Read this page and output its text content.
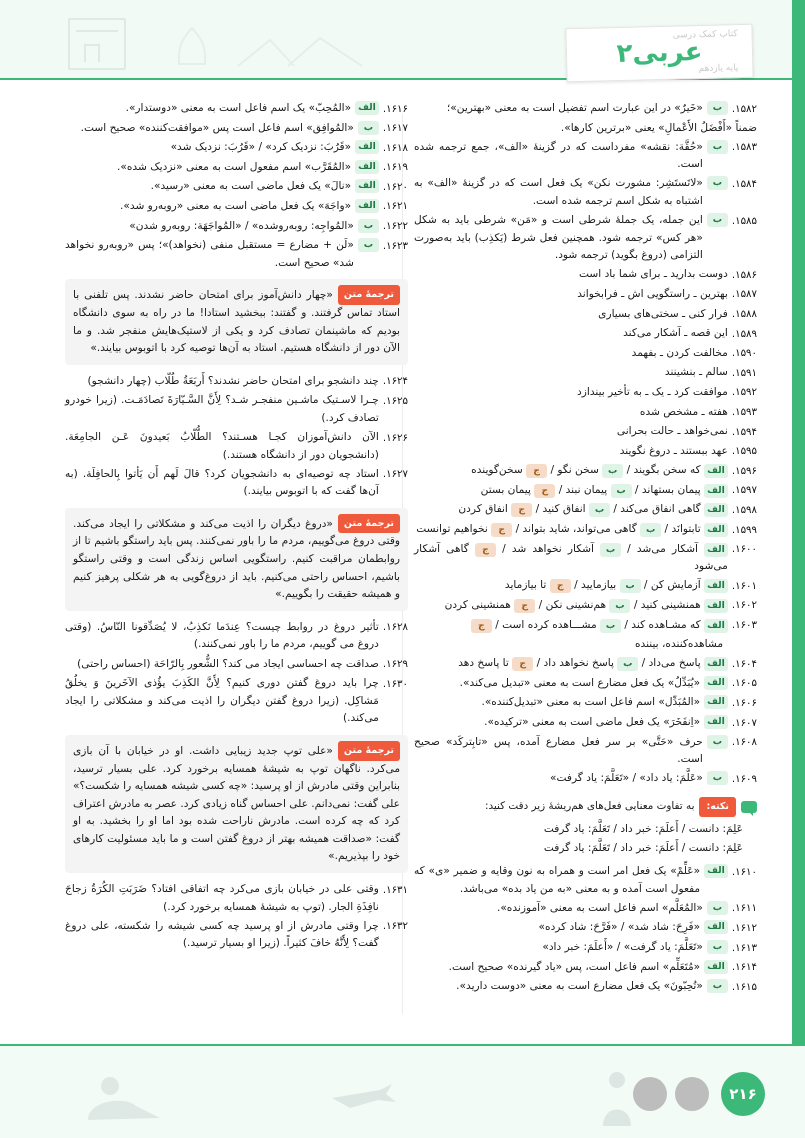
کتاب کمک درسی
عربی۲
پایه یازدهم
۱۵۸۲.
ب
«خَیرٌ» در این عبارت اسم تفضیل است به معنی «بهترین»؛
ضمناً «أَفْضَلُ الأَعْمالِ» یعنی «برترین کارها».
۱۵۸۳.
ب
«حُقَّة: نقشه» مفرداست که در گزینهٔ «الف»، جمع ترجمه شده است.
۱۵۸۴.
ب
«لاتَستَشِر: مشورت نکن» یک فعل است که در گزینهٔ «الف» به اشتباه به شکل اسم ترجمه شده است.
۱۵۸۵.
ب
این جمله، یک جملهٔ شرطی است و «مَن» شرطی باید به شکل «هر کس» ترجمه شود. همچنین فعل شرط (یَکذِب) باید به‌صورت التزامی (دروغ بگوید) ترجمه شود.
۱۵۸۶.
دوست بدارید ـ برای شما باد است
۱۵۸۷.
بهترین ـ راستگویی اش ـ فرابخواند
۱۵۸۸.
فرار کنی ـ سختی‌های بسیاری
۱۵۸۹.
این قصه ـ آشکار می‌کند
۱۵۹۰.
مخالفت کردن ـ بفهمد
۱۵۹۱.
سالم ـ بنشینند
۱۵۹۲.
موافقت کرد ـ یک ـ به تأخیر بیندازد
۱۵۹۳.
هفته ـ مشخص شده
۱۵۹۴.
نمی‌خواهد ـ حالت بحرانی
۱۵۹۵.
عهد ببستند ـ دروغ نگویند
۱۵۹۶.
الف که سخن بگویند / ب سخن نگو / ج سخن‌گوینده
۱۵۹۷.
الف پیمان بستهاند / ب پیمان نبند / ج پیمان بستن
۱۵۹۸.
الف گاهی انفاق می‌کند / ب انفاق کنید / ج انفاق کردن
۱۵۹۹.
الف تابتوانَد / ب گاهی می‌تواند، شاید بتواند / ج نخواهیم توانست
۱۶۰۰.
الف آشکار می‌شد / ب آشکار نخواهد شد / ج گاهی آشکار می‌شود
۱۶۰۱.
الف آزمایش کن / ب بیازمایید / ج تا بیازماید
۱۶۰۲.
الف همنشینی کنید / ب هم‌نشینی نکن / ج همنشینی کردن
۱۶۰۳.
الف که مشـاهده کند / ب مشـــاهده کرده است / ج
مشاهده‌کننده، بیننده
۱۶۰۴.
الف پاسخ می‌داد / ب پاسخ نخواهد داد / ج تا پاسخ دهد
۱۶۰۵.
الف
«یُبَدِّلُ» یک فعل مضارع است به معنی «تبدیل می‌کند».
۱۶۰۶.
الف
«المُبَدِّل» اسم فاعل است به معنی «تبدیل‌کننده».
۱۶۰۷.
الف
«اِنفَخَرَ» یک فعل ماضی است به معنی «ترکیده».
۱۶۰۸.
ب
حرف «حَتَّی» بر سر فعل مضارع آمده، پس «تابِترکَد» صحیح است.
۱۶۰۹.
ب
«عَلَّمَ: یاد داد» / «تَعَلَّمَ: یاد گرفت»
نکته:
به تفاوت معنایی فعل‌های هم‌ریشهٔ زیر دقت کنید:
عَلِمَ: دانست / أَعلَمَ: خبر داد / تَعَلَّمَ: یاد گرفت
عَلِمَ: دانست / أَعلَمَ: خبر داد / تَعَلَّمَ: یاد گرفت
۱۶۱۰.
الف
«عَلِّمْ» یک فعل امر است و همراه به نون وقایه و ضمیر «ی» که مفعول است آمده و به معنی «به من یاد بده» می‌باشد.
۱۶۱۱.
ب
«المُعَلَّم» اسم فاعل است به معنی «آموزنده».
۱۶۱۲.
الف
«فَرِحَ: شاد شد» / «فَرَّحَ: شاد کرده»
۱۶۱۳.
ب
«تَعَلَّمَ: یاد گرفت» / «أَعلَمَ: خبر داد»
۱۶۱۴.
الف
«مُتَعَلِّم» اسم فاعل است، پس «یاد گیرنده» صحیح است.
۱۶۱۵.
ب
«تُحِبّونَ» یک فعل مضارع است به معنی «دوست دارید».
۱۶۱۶.
الف
«المُحِبّ» یک اسم فاعل است به معنی «دوستدار».
۱۶۱۷.
ب
«المُوافِق» اسم فاعل است پس «موافقت‌کننده» صحیح است.
۱۶۱۸.
الف
«قَرُبَ: نزدیک کرد» / «قَرُبَ: نزدیک شد»
۱۶۱۹.
الف
«المُقَرَّب» اسم مفعول است به معنی «نزدیک شده».
۱۶۲۰.
الف
«نالَ» یک فعل ماضی است به معنی «رسید».
۱۶۲۱.
الف
«واجَهَ» یک فعل ماضی است به معنی «روبه‌رو شد».
۱۶۲۲.
ب
«المُواجِه: روبه‌روشده» / «المُواجَهَة: روبه‌رو شدن»
۱۶۲۳.
ب
«لَن + مضارع = مستقبل منفی (نخواهد)»؛ پس «روبه‌رو نخواهد شد» صحیح است.
ترجمهٔ متن«چهار دانش‌آموز برای امتحان حاضر نشدند. پس تلفنی با استاد تماس گرفتند. و گفتند: ببخشید استادا! ما در راه به سوی دانشگاه بودیم که ماشینمان تصادف کرد و یکی از لاستیک‌هایش منفجر شد. و ما الآن دور از دانشگاه هستیم. استاد به آن‌ها توصیه کرد با اتوبوس بیایند.»
۱۶۲۴.
چند دانشجو برای امتحان حاضر نشدند؟ أَربَعَةُ طُلّاب (چهار دانشجو)
۱۶۲۵.
چـرا لاسـتیک ماشـین منفجـر شـد؟ لِأَنَّ السَّـیّارَةَ تَصادَمَـت. (زیرا خودرو تصادف کرد.)
۱۶۲۶.
الآن دانش‌آموزان کجـا هسـتند؟ الطُّلّابُ بَعیدونَ عَـن الجامِعَة. (دانشجویان دور از دانشگاه هستند.)
۱۶۲۷.
استاد چه توصیه‌ای به دانشجویان کرد؟ قالَ لَهم أَن یَأتوا بِالحافِلَة. (به آن‌ها گفت که با اتوبوس بیایند.)
ترجمهٔ متن«دروغ دیگران را اذیت می‌کند و مشکلاتی را ایجاد می‌کند. وقتی دروغ می‌گوییم، مردم ما را باور نمی‌کنند. پس باید راستگو باشیم تا از روابطمان مراقبت کنیم. راستگویی اساس زندگی است و وقتی راستگو باشیم، احساس راحتی می‌کنیم. باید از دروغ‌گویی به هر شکلی پرهیز کنیم و همیشه حقیقت را بگوییم.»
۱۶۲۸.
تأثیر دروغ در روابط چیست؟ عِندَما نَکذِبُ، لا یُصَدِّقونا النّاسُ. (وقتی دروغ می گوییم، مردم ما را باور نمی‌کنند.)
۱۶۲۹.
صداقت چه احساسی ایجاد می کند؟ الشُّعور بِالرّاحَة (احساس راحتی)
۱۶۳۰.
چرا باید دروغ گفتن دوری کنیم؟ لِأَنَّ الکَذِبَ یؤُذی الآخَرینَ وَ یخلُقُ مَشاکِل. (زیرا دروغ گفتن دیگران را اذیت می‌کند و مشکلاتی را ایجاد می‌کند.)
ترجمهٔ متن«علی توپ جدید زیبایی داشت. او در خیابان با آن بازی می‌کرد. ناگهان توپ به شیشهٔ همسایه برخورد کرد. علی بسیار ترسید، بنابراین وقتی مادرش از او پرسید: «چه کسی شیشه همسایه را شکست؟» علی گفت: نمی‌دانم. علی احساس گناه زیادی کرد. عصر به مادرش اعتراف کرد که چه کرده است. مادرش ناراحت شده بود اما او را بخشید. به او گفت: «صداقت همیشه بهتر از دروغ گفتن است و ما باید مسئولیت کارهای خود را بپذیریم.»
۱۶۳۱.
وقتی علی در خیابان بازی می‌کرد چه اتفاقی افتاد؟ ضَرَبَتِ الکُرَةُ زجاجَ نافِذَةِ الجار. (توپ به شیشهٔ همسایه برخورد کرد.)
۱۶۳۲.
چرا وقتی مادرش از او پرسید چه کسی شیشه را شکسته، علی دروغ گفت؟ لِأَنَّهُ خافَ کثیراً. (زیرا او بسیار ترسید.)
۲۱۶
